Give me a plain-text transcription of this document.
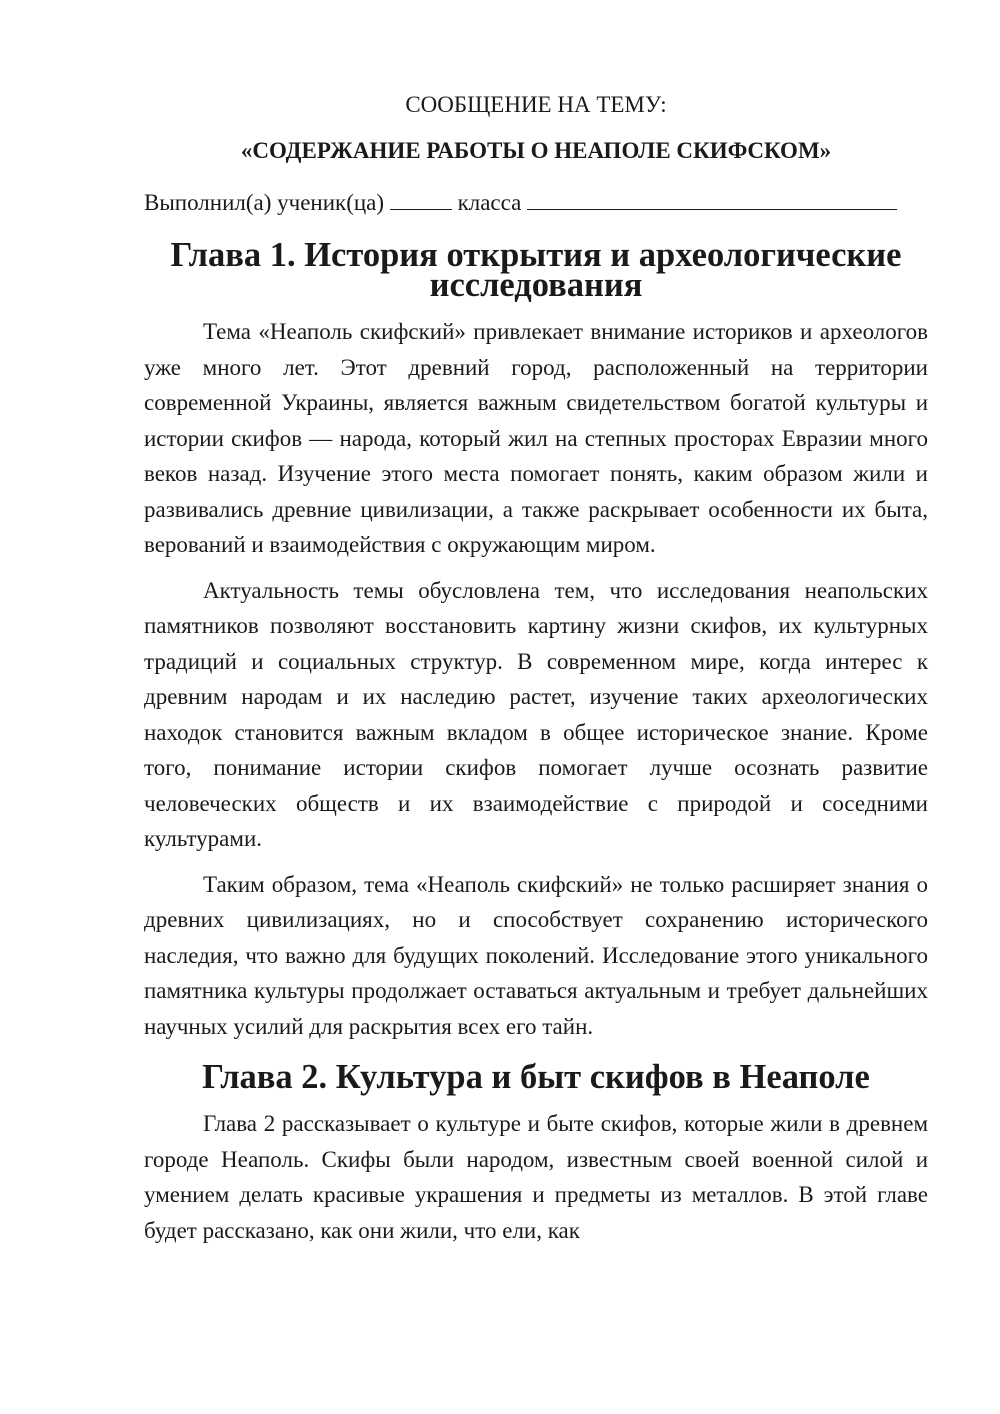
СООБЩЕНИЕ НА ТЕМУ:

«СОДЕРЖАНИЕ РАБОТЫ О НЕАПОЛЕ СКИФСКОМ»

Выполнил(а) ученик(ца)	класса

Глава 1. История открытия и археологические исследования

Тема «Неаполь скифский» привлекает внимание историков и археологов уже много лет. Этот древний город, расположенный на территории современной Украины, является важным свидетельством богатой культуры и истории скифов — народа, который жил на степных просторах Евразии много веков назад. Изучение этого места помогает понять, каким образом жили и развивались древние цивилизации, а также раскрывает особенности их быта, верований и взаимодействия с окружающим миром.

Актуальность темы обусловлена тем, что исследования неапольских памятников позволяют восстановить картину жизни скифов, их культурных традиций и социальных структур. В современном мире, когда интерес к древним народам и их наследию растет, изучение таких археологических находок становится важным вкладом в общее историческое знание. Кроме того, понимание истории скифов помогает лучше осознать развитие человеческих обществ и их взаимодействие с природой и соседними культурами.

Таким образом, тема «Неаполь скифский» не только расширяет знания о древних цивилизациях, но и способствует сохранению исторического наследия, что важно для будущих поколений. Исследование этого уникального памятника культуры продолжает оставаться актуальным и требует дальнейших научных усилий для раскрытия всех его тайн.

Глава 2. Культура и быт скифов в Неаполе

Глава 2 рассказывает о культуре и быте скифов, которые жили в древнем городе Неаполь. Скифы были народом, известным своей военной силой и умением делать красивые украшения и предметы из металлов. В этой главе будет рассказано, как они жили, что ели, как
